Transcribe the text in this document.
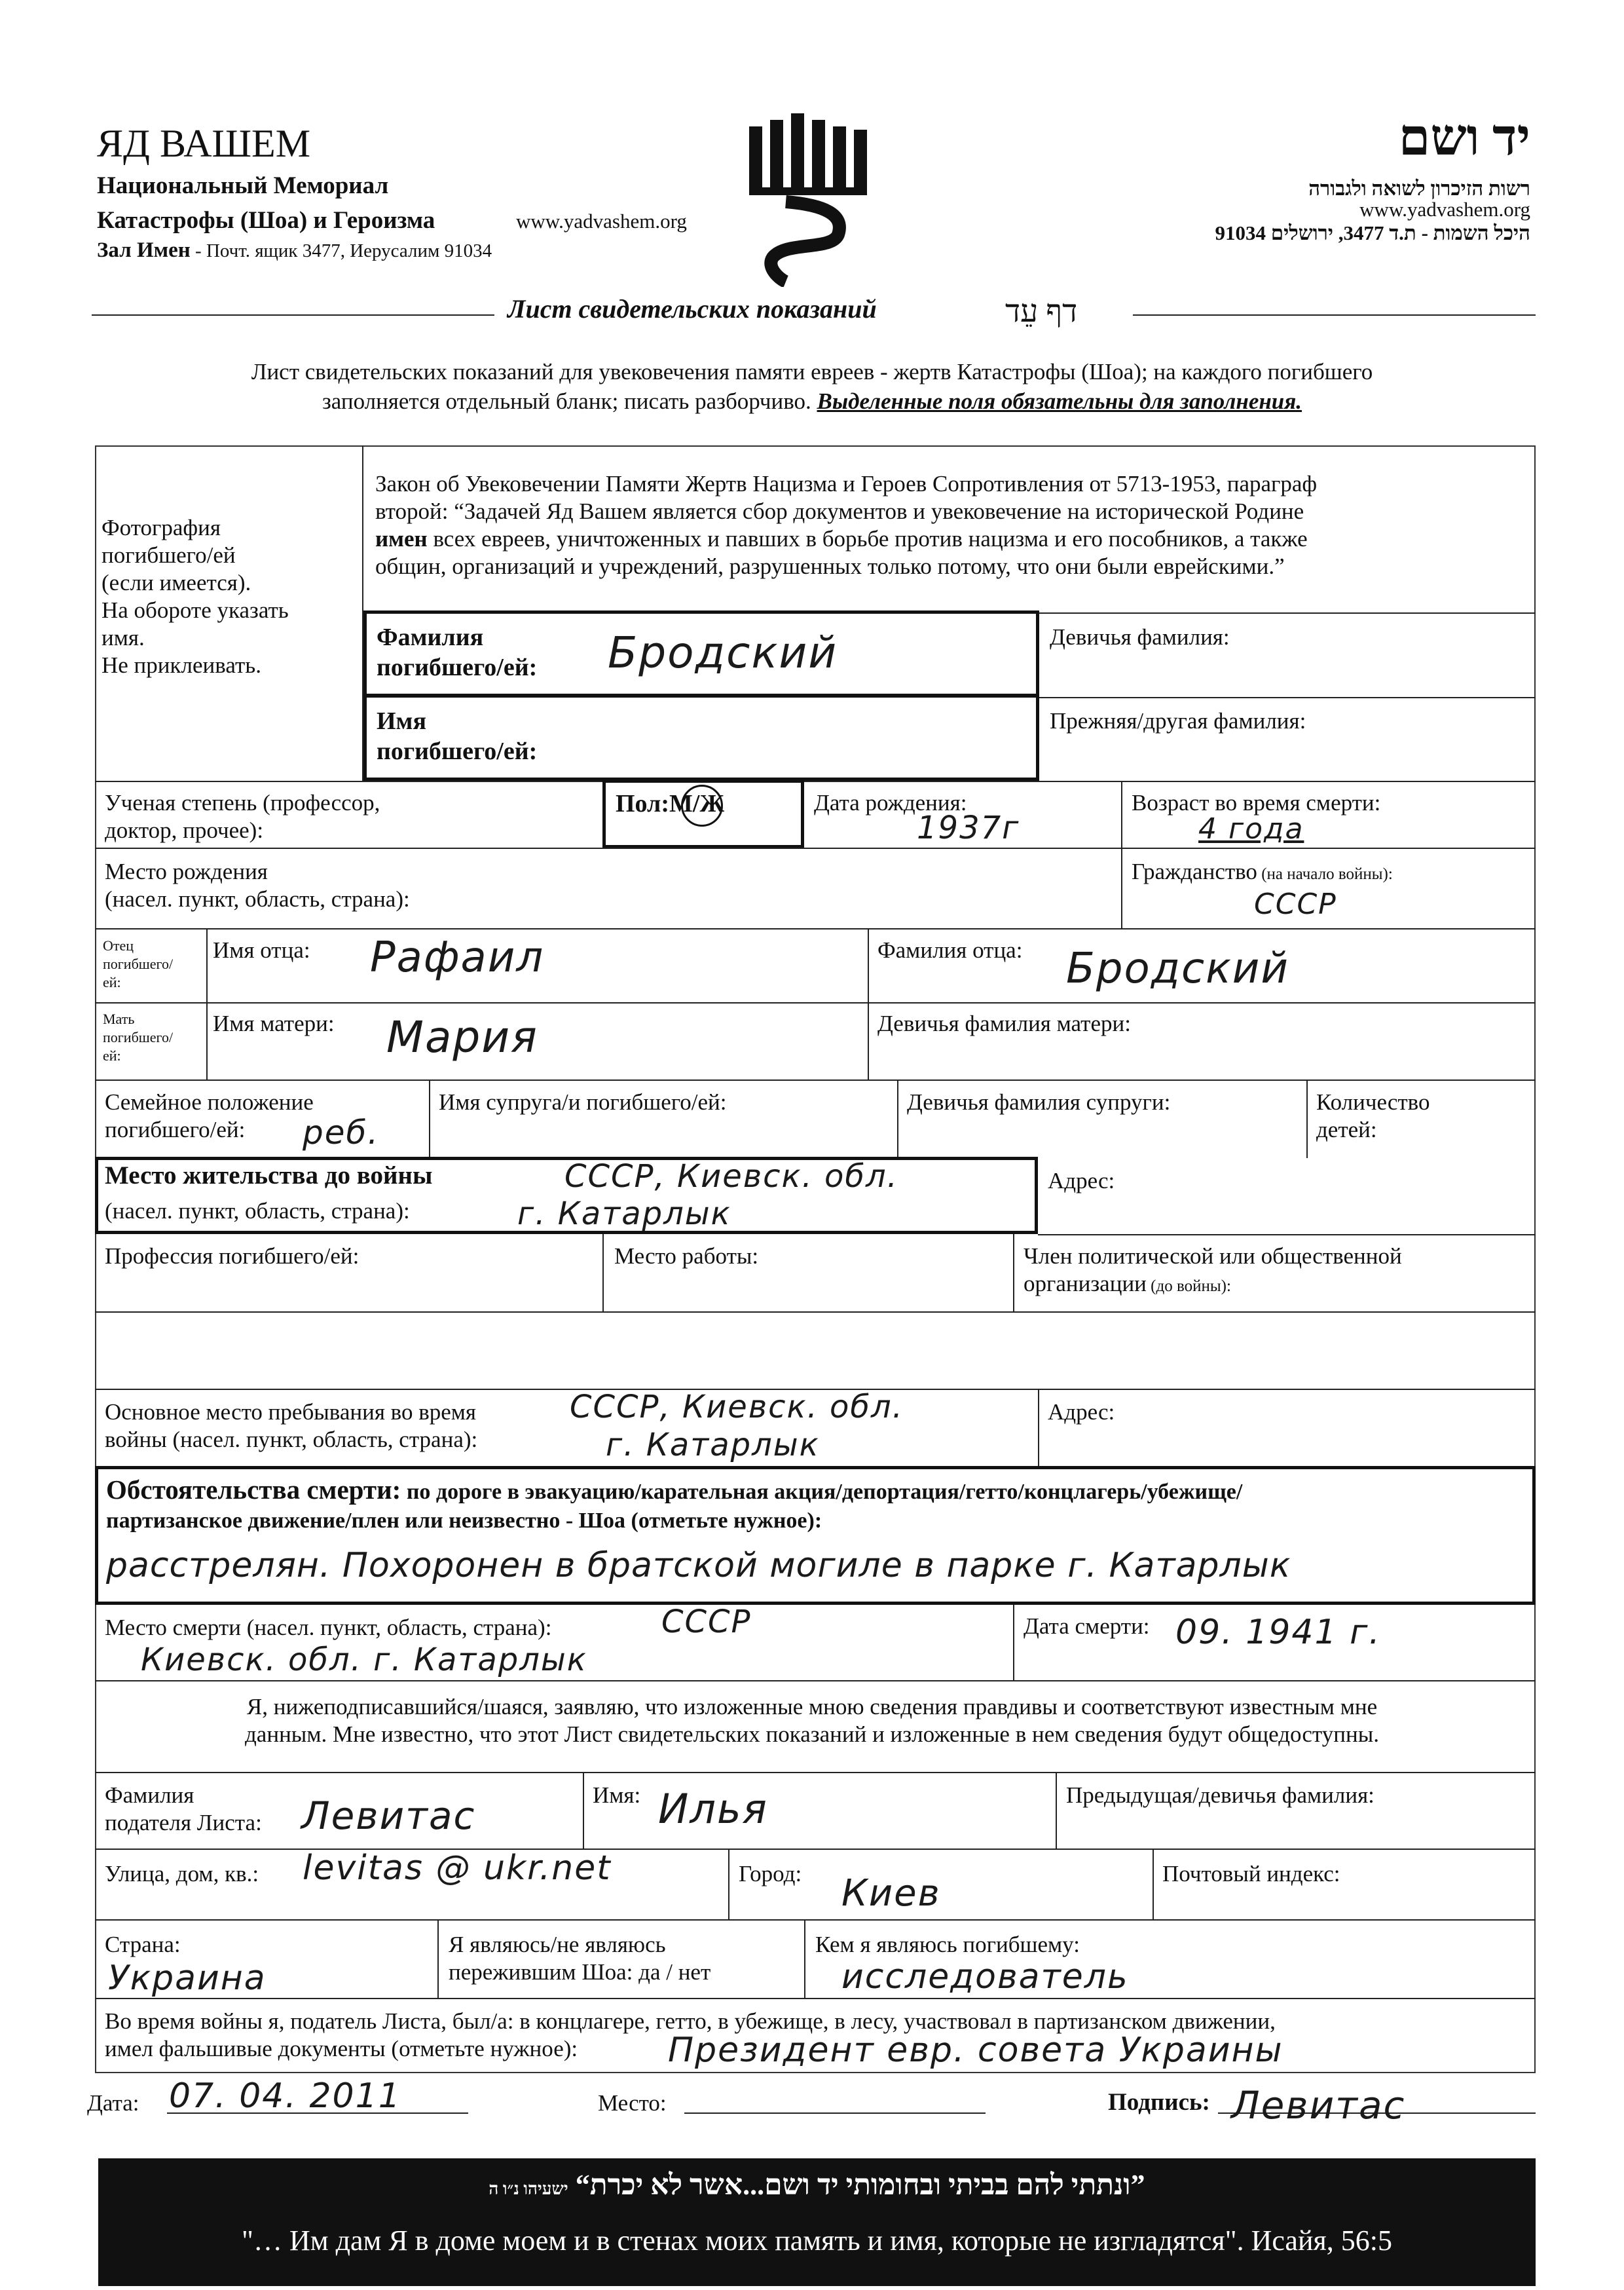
ЯД ВАШЕМ
Национальный Мемориал
Катастрофы (Шоа) и Героизма	www.yadvashem.org
Зал Имен - Почт. ящик 3477, Иерусалим 91034
יד ושם
רשות הזיכרון לשואה ולגבורה
www.yadvashem.org
היכל השמות - ת.ד 3477, ירושלים 91034
Лист свидетельских показаний	דף עֵד
Лист свидетельских показаний для увековечения памяти евреев - жертв Катастрофы (Шоа); на каждого погибшего
заполняется отдельный бланк; писать разборчиво. Выделенные поля обязательны для заполнения.
Фотография
погибшего/ей
(если имеется).
На обороте указать
имя.
Не приклеивать.
Закон об Увековечении Памяти Жертв Нацизма и Героев Сопротивления от 5713-1953, параграф
второй: “Задачей Яд Вашем является сбор документов и увековечение на исторической Родине
имен всех евреев, уничтоженных и павших в борьбе против нацизма и его пособников, а также
общин, организаций и учреждений, разрушенных только потому, что они были еврейскими.”
Фамилия
погибшего/ей: Бродский
Имя
погибшего/ей:
Девичья фамилия:
Прежняя/другая фамилия:
Ученая степень (профессор,
доктор, прочее):
Пол:М/Ж	Дата рождения:
1937г
Возраст во время смерти:
4 года
Место рождения
(насел. пункт, область, страна):
Гражданство (на начало войны):
СССР
Отец
погибшего/
ей:
Имя отца: Рафаил	Фамилия отца: Бродский
Мать
погибшего/
ей:
Имя матери: Мария	Девичья фамилия матери:
Семейное положение
погибшего/ей:	реб.
Имя супруга/и погибшего/ей:	Девичья фамилия супруги:	Количество
детей:
Место жительства до войны
(насел. пункт, область, страна):
СССР, Киевск. обл.
г. Катарлык
Адрес:
Профессия погибшего/ей:	Место работы:	Член политической или общественной
организации (до войны):
Основное место пребывания во время
войны (насел. пункт, область, страна):
СССР, Киевск. обл.
г. Катарлык
Адрес:
Обстоятельства смерти: по дороге в эвакуацию/карательная акция/депортация/гетто/концлагерь/убежище/
партизанское движение/плен или неизвестно - Шоа (отметьте нужное):
расстрелян. Похоронен в братской могиле в парке г. Катарлык
Место смерти (насел. пункт, область, страна):	СССР
Киевск. обл. г. Катарлык
Дата смерти: 09. 1941 г.
Я, нижеподписавшийся/шаяся, заявляю, что изложенные мною сведения правдивы и соответствуют известным мне
данным. Мне известно, что этот Лист свидетельских показаний и изложенные в нем сведения будут общедоступны.
Фамилия
подателя Листа: Левитас	Имя: Илья	Предыдущая/девичья фамилия:
Улица, дом, кв.: levitas @ ukr.net	Город: Киев	Почтовый индекс:
Страна:
Украина
Я являюсь/не являюсь
пережившим Шоа: да / нет
Кем я являюсь погибшему:
исследователь
Во время войны я, податель Листа, был/а: в концлагере, гетто, в убежище, в лесу, участвовал в партизанском движении,
имел фальшивые документы (отметьте нужное):	Президент евр. совета Украины
Дата: 07. 04. 2011	Место:	Подпись: Левитас
”ונתתי להם בביתי ובחומותי יד ושם...אשר לא יכרת“ ישעיהו נ״ו ה
"… Им дам Я в доме моем и в стенах моих память и имя, которые не изгладятся". Исайя, 56:5
